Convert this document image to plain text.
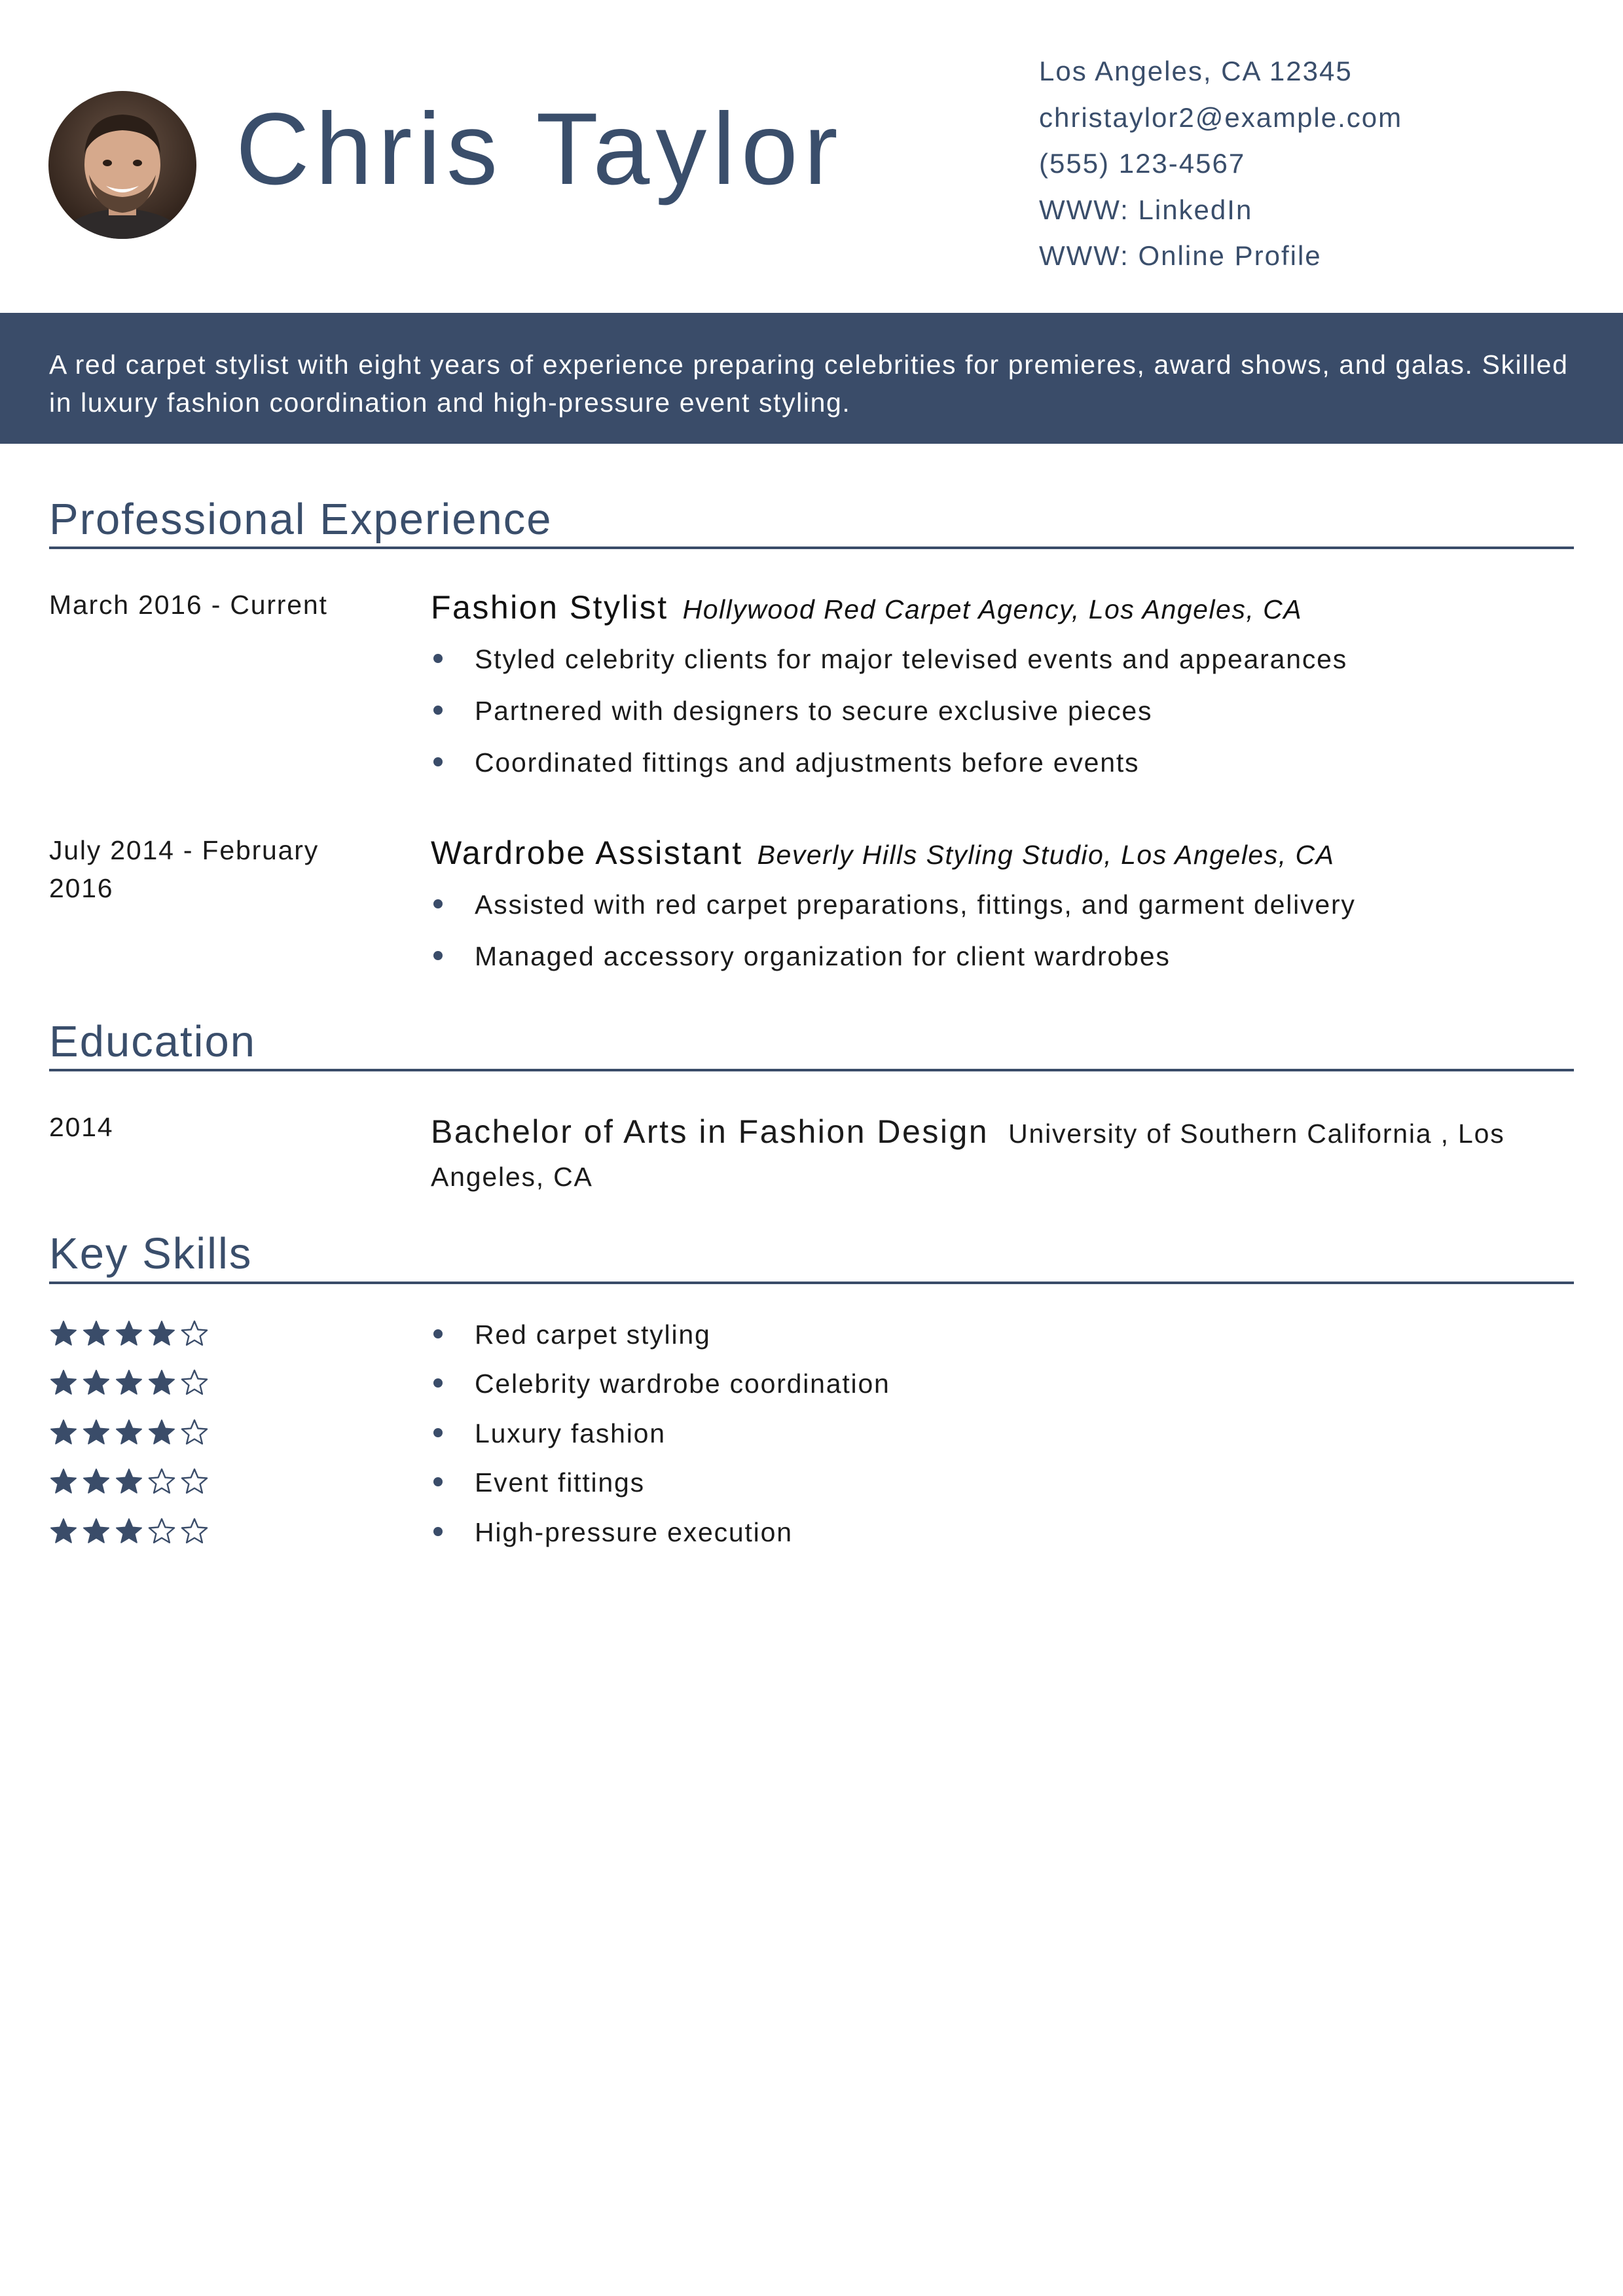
Chris Taylor
Los Angeles, CA 12345
christaylor2@example.com
(555) 123-4567
WWW: LinkedIn
WWW: Online Profile

A red carpet stylist with eight years of experience preparing celebrities for premieres, award shows, and galas. Skilled in luxury fashion coordination and high-pressure event styling.

Professional Experience
March 2016 - Current	Fashion Stylist Hollywood Red Carpet Agency, Los Angeles, CA
Styled celebrity clients for major televised events and appearances
Partnered with designers to secure exclusive pieces
Coordinated fittings and adjustments before events
July 2014 - February 2016
Wardrobe Assistant Beverly Hills Styling Studio, Los Angeles, CA
Assisted with red carpet preparations, fittings, and garment delivery
Managed accessory organization for client wardrobes
Education
2014	Bachelor of Arts in Fashion Design University of Southern California , Los Angeles, CA
Key Skills
Red carpet styling
Celebrity wardrobe coordination
Luxury fashion
Event fittings
High-pressure execution
